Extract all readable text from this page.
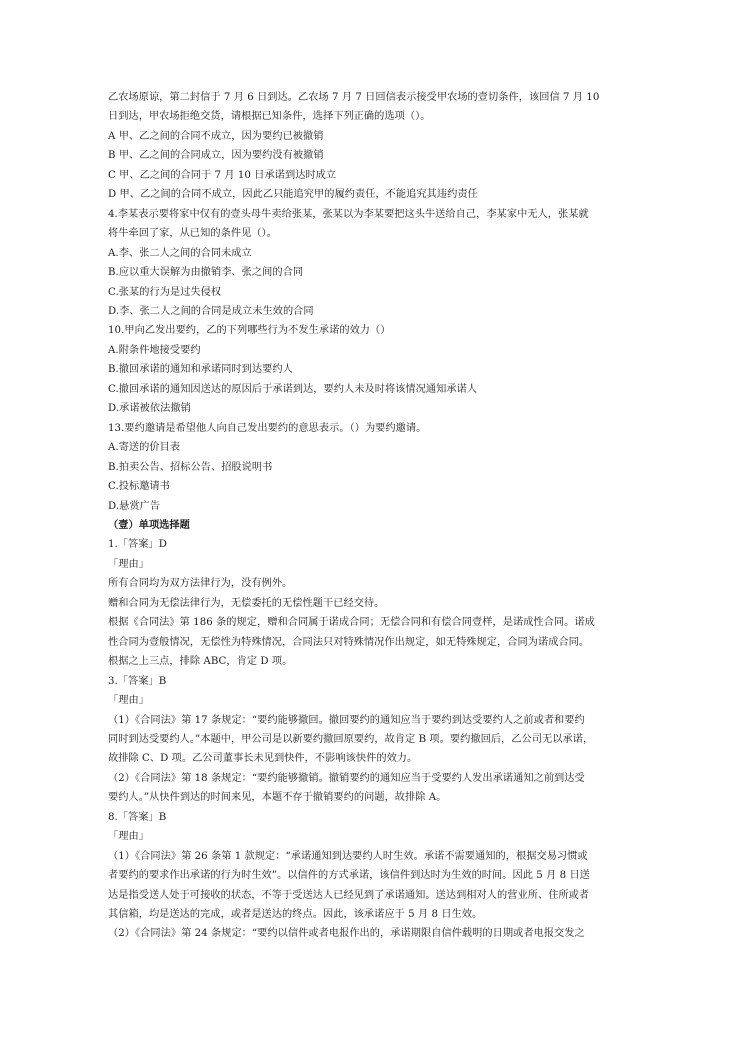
乙农场原谅，第二封信于 7 月 6 日到达。乙农场 7 月 7 日回信表示接受甲农场的壹切条件，该回信 7 月 10
日到达，甲农场拒绝交货，请根据已知条件，选择下列正确的选项（）。
A 甲、乙之间的合同不成立，因为要约已被撤销
B 甲、乙之间的合同成立，因为要约没有被撤销
C 甲、乙之间的合同于 7 月 10 日承诺到达时成立
D 甲、乙之间的合同不成立，因此乙只能追究甲的履约责任，不能追究其违约责任
4.李某表示要将家中仅有的壹头母牛卖给张某，张某以为李某要把这头牛送给自己，李某家中无人，张某就
将牛牵回了家，从已知的条件见（）。
A.李、张二人之间的合同未成立
B.应以重大误解为由撤销李、张之间的合同
C.张某的行为是过失侵权
D.李、张二人之间的合同是成立未生效的合同
10.甲向乙发出要约，乙的下列哪些行为不发生承诺的效力（）
A.附条件地接受要约
B.撤回承诺的通知和承诺同时到达要约人
C.撤回承诺的通知因送达的原因后于承诺到达，要约人未及时将该情况通知承诺人
D.承诺被依法撤销
13.要约邀请是希望他人向自己发出要约的意思表示。（）为要约邀请。
A.寄送的价目表
B.拍卖公告、招标公告、招股说明书
C.投标邀请书
D.悬赏广告
（壹）单项选择题
1.「答案」D
「理由」
所有合同均为双方法律行为，没有例外。
赠和合同为无偿法律行为，无偿委托的无偿性题干已经交待。
根据《合同法》第 186 条的规定，赠和合同属于诺成合同；无偿合同和有偿合同壹样，是诺成性合同。诺成
性合同为壹般情况，无偿性为特殊情况，合同法只对特殊情况作出规定，如无特殊规定，合同为诺成合同。
根据之上三点，排除 ABC，肯定 D 项。
3.「答案」B
「理由」
（1）《合同法》第 17 条规定：“要约能够撤回。撤回要约的通知应当于要约到达受要约人之前或者和要约
同时到达受要约人。”本题中，甲公司是以新要约撤回原要约，故肯定 B 项。要约撤回后，乙公司无以承诺，
故排除 C、D 项。乙公司董事长未见到快件，不影响该快件的效力。
（2）《合同法》第 18 条规定：“要约能够撤销。撤销要约的通知应当于受要约人发出承诺通知之前到达受
要约人。”从快件到达的时间来见，本题不存于撤销要约的问题，故排除 A。
8.「答案」B
「理由」
（1）《合同法》第 26 条第 1 款规定：“承诺通知到达要约人时生效。承诺不需要通知的，根据交易习惯或
者要约的要求作出承诺的行为时生效”。以信件的方式承诺，该信件到达时为生效的时间。因此 5 月 8 日送
达是指受送人处于可接收的状态，不等于受送达人已经见到了承诺通知。送达到相对人的营业所、住所或者
其信箱，均是送达的完成，或者是送达的终点。因此，该承诺应于 5 月 8 日生效。
（2）《合同法》第 24 条规定：“要约以信件或者电报作出的，承诺期限自信件载明的日期或者电报交发之
